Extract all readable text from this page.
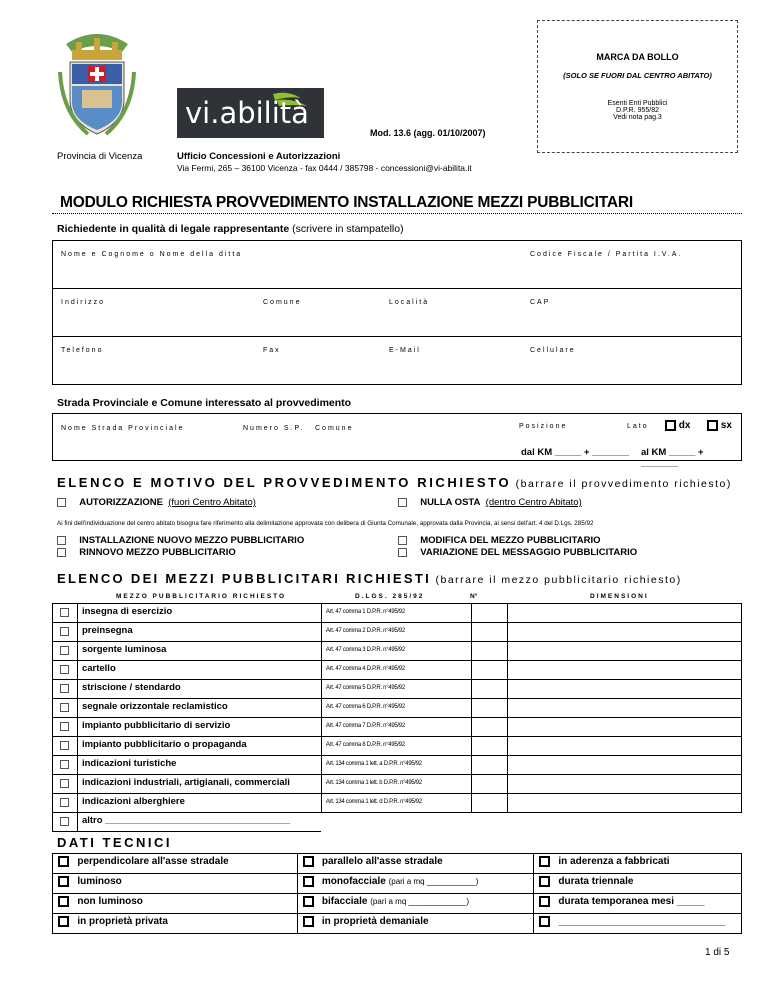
vi.abilità
MARCA DA BOLLO
(SOLO SE FUORI DAL CENTRO ABITATO)
Esenti Enti Pubblici
D.P.R. 955/82
Vedi nota pag.3
Mod. 13.6 (agg. 01/10/2007)
Provincia di Vicenza	Ufficio Concessioni e Autorizzazioni
Via Fermi, 265 – 36100 Vicenza - fax 0444 / 385798 - concessioni@vi-abilita.it
MODULO RICHIESTA PROVVEDIMENTO INSTALLAZIONE MEZZI PUBBLICITARI
Richiedente in qualità di legale rappresentante (scrivere in stampatello)
Nome e Cognome o Nome della ditta	Codice Fiscale / Partita I.V.A.
Indirizzo	Comune	Località	CAP
Telefono	Fax	E-Mail	Cellulare
Strada Provinciale e Comune interessato al provvedimento
Nome Strada Provinciale	Numero S.P. Comune	Posizione	Lato	dx	sx
dal KM _____ + _______ al KM _____ + _______
ELENCO E MOTIVO DEL PROVVEDIMENTO RICHIESTO (barrare il provvedimento richiesto)
AUTORIZZAZIONE (fuori Centro Abitato)	NULLA OSTA (dentro Centro Abitato)
Ai fini dell'individuazione del centro abitato bisogna fare riferimento alla delimitazione approvata con delibera di Giunta Comunale, approvata dalla Provincia, ai sensi dell'art. 4 del D.Lgs. 285/92
INSTALLAZIONE NUOVO MEZZO PUBBLICITARIO
RINNOVO MEZZO PUBBLICITARIO
MODIFICA DEL MEZZO PUBBLICITARIO
VARIAZIONE DEL MESSAGGIO PUBBLICITARIO
ELENCO DEI MEZZI PUBBLICITARI RICHIESTI (barrare il mezzo pubblicitario richiesto)
MEZZO PUBBLICITARIO RICHIESTO	D.LGS. 285/92	N°	DIMENSIONI
	insegna di esercizio	Art. 47 comma 1 D.P.R. n°495/92		
	preinsegna	Art. 47 comma 2 D.P.R. n°495/92		
	sorgente luminosa	Art. 47 comma 3 D.P.R. n°495/92		
	cartello	Art. 47 comma 4 D.P.R. n°495/92		
	striscione / stendardo	Art. 47 comma 5 D.P.R. n°495/92		
	segnale orizzontale reclamistico	Art. 47 comma 6 D.P.R. n°495/92		
	impianto pubblicitario di servizio	Art. 47 comma 7 D.P.R. n°495/92		
	impianto pubblicitario o propaganda	Art. 47 comma 8 D.P.R. n°495/92		
	indicazioni turistiche	Art. 134 comma 1 lett. a D.P.R. n°495/92		
	indicazioni industriali, artigianali, commerciali	Art. 134 comma 1 lett. b D.P.R. n°495/92		
	indicazioni alberghiere	Art. 134 comma 1 lett. d D.P.R. n°495/92		
	altro ___________________________________			
DATI TECNICI
perpendicolare all'asse stradale	parallelo all'asse stradale	in aderenza a fabbricati
luminoso	monofacciale (pari a mq ___________)	durata triennale
non luminoso	bifacciale (pari a mq _____________)	durata temporanea mesi _____
in proprietà privata	in proprietà demaniale	______________________________
1 di 5
